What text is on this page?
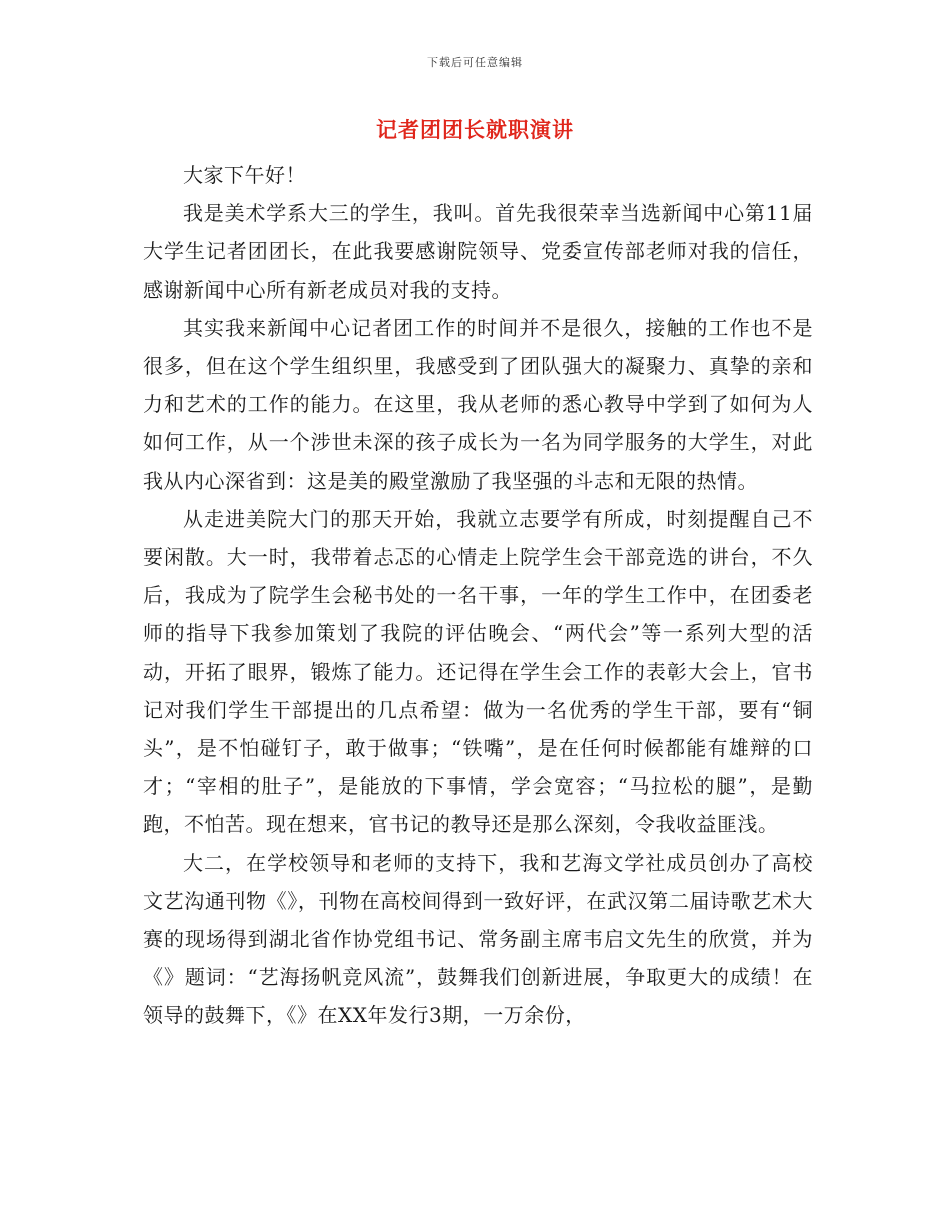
下载后可任意编辑
记者团团长就职演讲

大家下午好！

我是美术学系大三的学生，我叫。首先我很荣幸当选新闻中心第11届大学生记者团团长，在此我要感谢院领导、党委宣传部老师对我的信任，感谢新闻中心所有新老成员对我的支持。

其实我来新闻中心记者团工作的时间并不是很久，接触的工作也不是很多，但在这个学生组织里，我感受到了团队强大的凝聚力、真挚的亲和力和艺术的工作的能力。在这里，我从老师的悉心教导中学到了如何为人如何工作，从一个涉世未深的孩子成长为一名为同学服务的大学生，对此我从内心深省到：这是美的殿堂激励了我坚强的斗志和无限的热情。

从走进美院大门的那天开始，我就立志要学有所成，时刻提醒自己不要闲散。大一时，我带着忐忑的心情走上院学生会干部竞选的讲台，不久后，我成为了院学生会秘书处的一名干事，一年的学生工作中，在团委老师的指导下我参加策划了我院的评估晚会、“两代会”等一系列大型的活动，开拓了眼界，锻炼了能力。还记得在学生会工作的表彰大会上，官书记对我们学生干部提出的几点希望：做为一名优秀的学生干部，要有“铜头”，是不怕碰钉子，敢于做事；“铁嘴”，是在任何时候都能有雄辩的口才；“宰相的肚子”，是能放的下事情，学会宽容；“马拉松的腿”，是勤跑，不怕苦。现在想来，官书记的教导还是那么深刻，令我收益匪浅。

大二，在学校领导和老师的支持下，我和艺海文学社成员创办了高校文艺沟通刊物《》，刊物在高校间得到一致好评，在武汉第二届诗歌艺术大赛的现场得到湖北省作协党组书记、常务副主席韦启文先生的欣赏，并为《》题词：“艺海扬帆竞风流”，鼓舞我们创新进展，争取更大的成绩！在领导的鼓舞下，《》在XX年发行3期，一万余份，
